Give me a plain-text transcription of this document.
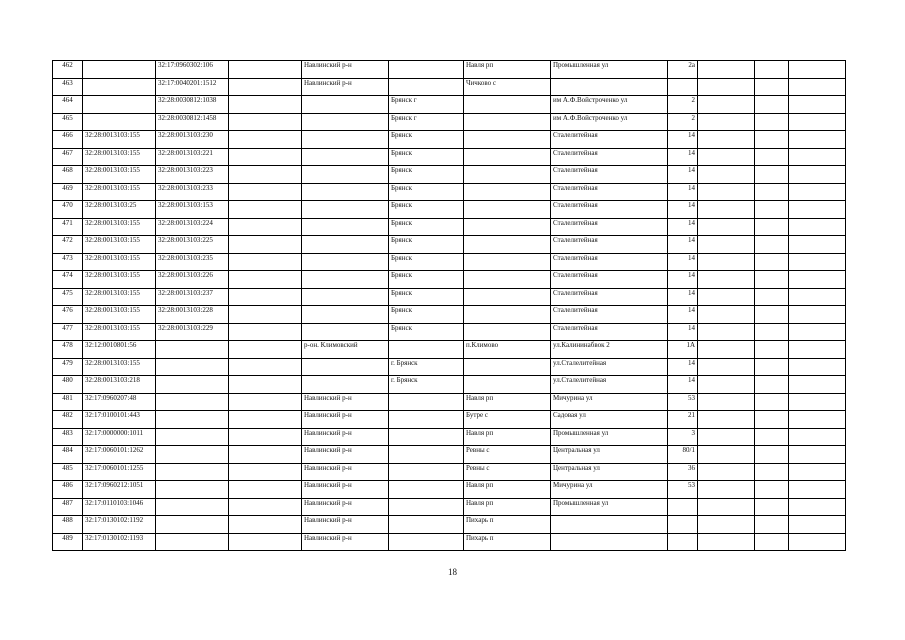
462		32:17:0960302:106		Навлинский р-н		Навля рп	Промышленная ул	2а			
463		32:17:0040201:1512		Навлинский р-н		Чичково с					
464		32:28:0030812:1038			Брянск г		им А.Ф.Войстроченко ул	2			
465		32:28:0030812:1458			Брянск г		им А.Ф.Войстроченко ул	2			
466	32:28:0013103:155	32:28:0013103:230			Брянск		Сталелитейная	14			
467	32:28:0013103:155	32:28:0013103:221			Брянск		Сталелитейная	14			
468	32:28:0013103:155	32:28:0013103:223			Брянск		Сталелитейная	14			
469	32:28:0013103:155	32:28:0013103:233			Брянск		Сталелитейная	14			
470	32:28:0013103:25	32:28:0013103:153			Брянск		Сталелитейная	14			
471	32:28:0013103:155	32:28:0013103:224			Брянск		Сталелитейная	14			
472	32:28:0013103:155	32:28:0013103:225			Брянск		Сталелитейная	14			
473	32:28:0013103:155	32:28:0013103:235			Брянск		Сталелитейная	14			
474	32:28:0013103:155	32:28:0013103:226			Брянск		Сталелитейная	14			
475	32:28:0013103:155	32:28:0013103:237			Брянск		Сталелитейная	14			
476	32:28:0013103:155	32:28:0013103:228			Брянск		Сталелитейная	14			
477	32:28:0013103:155	32:28:0013103:229			Брянск		Сталелитейная	14			
478	32:12:0010801:56			р-он. Климовский		п.Климово	ул.Калининабвок 2	1А			
479	32:28:0013103:155				г. Брянск		ул.Сталелитейная	14			
480	32:28:0013103:218				г. Брянск		ул.Сталелитейная	14			
481	32:17:0960207:48			Навлинский р-н		Навля рп	Мичурина ул	53			
482	32:17:0100101:443			Навлинский р-н		Бутре с	Садовая ул	21			
483	32:17:0000000:1011			Навлинский р-н		Навля рп	Промышленная ул	3			
484	32:17:0060101:1262			Навлинский р-н		Ревны с	Центральная ул	80/1			
485	32:17:0060101:1255			Навлинский р-н		Ревны с	Центральная ул	36			
486	32:17:0960212:1051			Навлинский р-н		Навля рп	Мичурина ул	53			
487	32:17:0110103:1046			Навлинский р-н		Навля рп	Промышленная ул				
488	32:17:0130102:1192			Навлинский р-н		Пихарь п					
489	32:17:0130102:1193			Навлинский р-н		Пихарь п					
18
